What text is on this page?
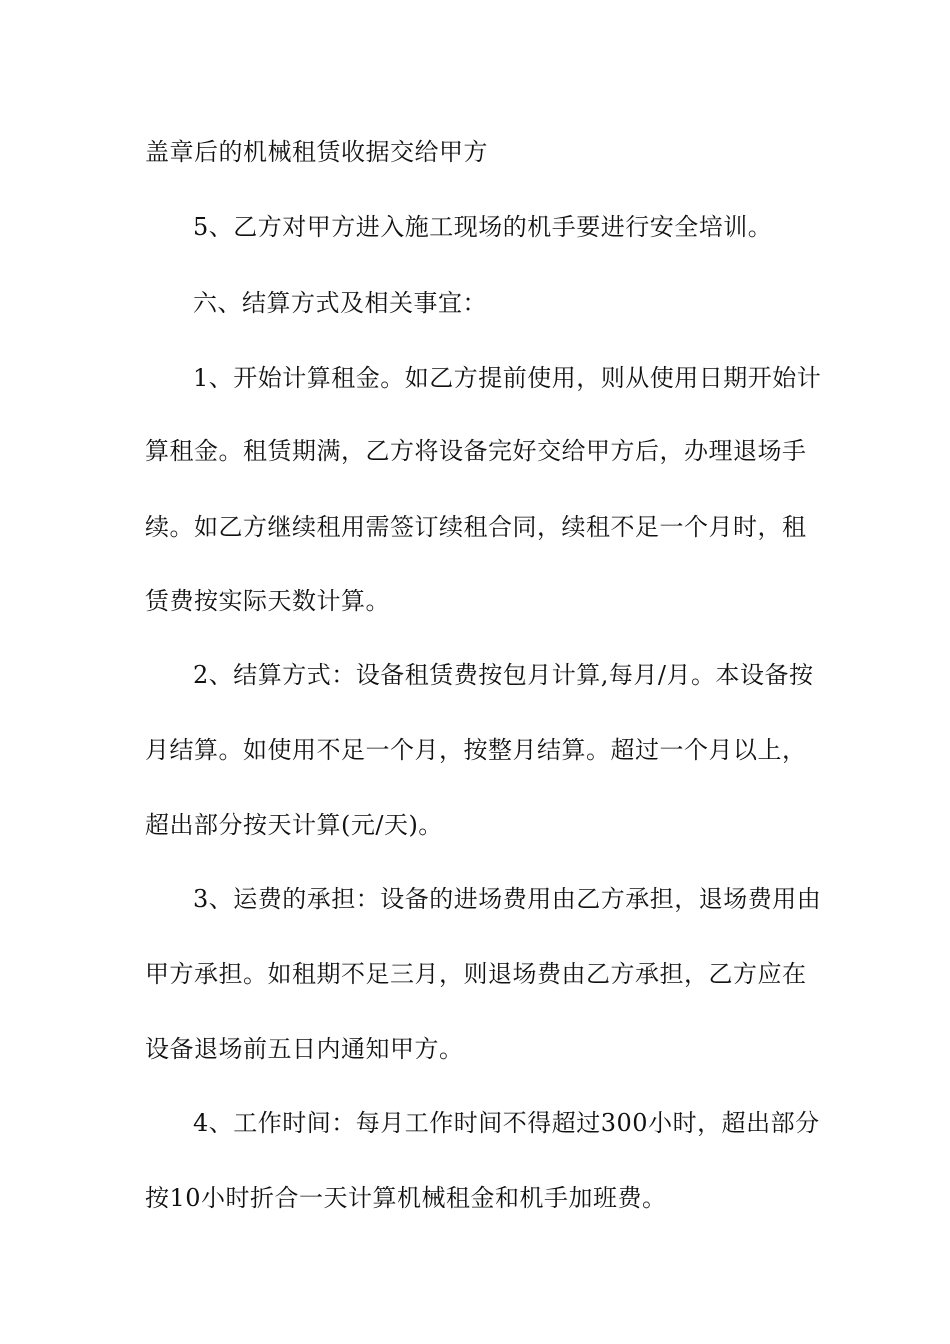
盖章后的机械租赁收据交给甲方
5、乙方对甲方进入施工现场的机手要进行安全培训。
六、结算方式及相关事宜：
1、开始计算租金。如乙方提前使用，则从使用日期开始计
算租金。租赁期满，乙方将设备完好交给甲方后，办理退场手
续。如乙方继续租用需签订续租合同，续租不足一个月时，租
赁费按实际天数计算。
2、结算方式：设备租赁费按包月计算,每月/月。本设备按
月结算。如使用不足一个月，按整月结算。超过一个月以上，
超出部分按天计算(元/天)。
3、运费的承担：设备的进场费用由乙方承担，退场费用由
甲方承担。如租期不足三月，则退场费由乙方承担，乙方应在
设备退场前五日内通知甲方。
4、工作时间：每月工作时间不得超过300小时，超出部分
按10小时折合一天计算机械租金和机手加班费。
